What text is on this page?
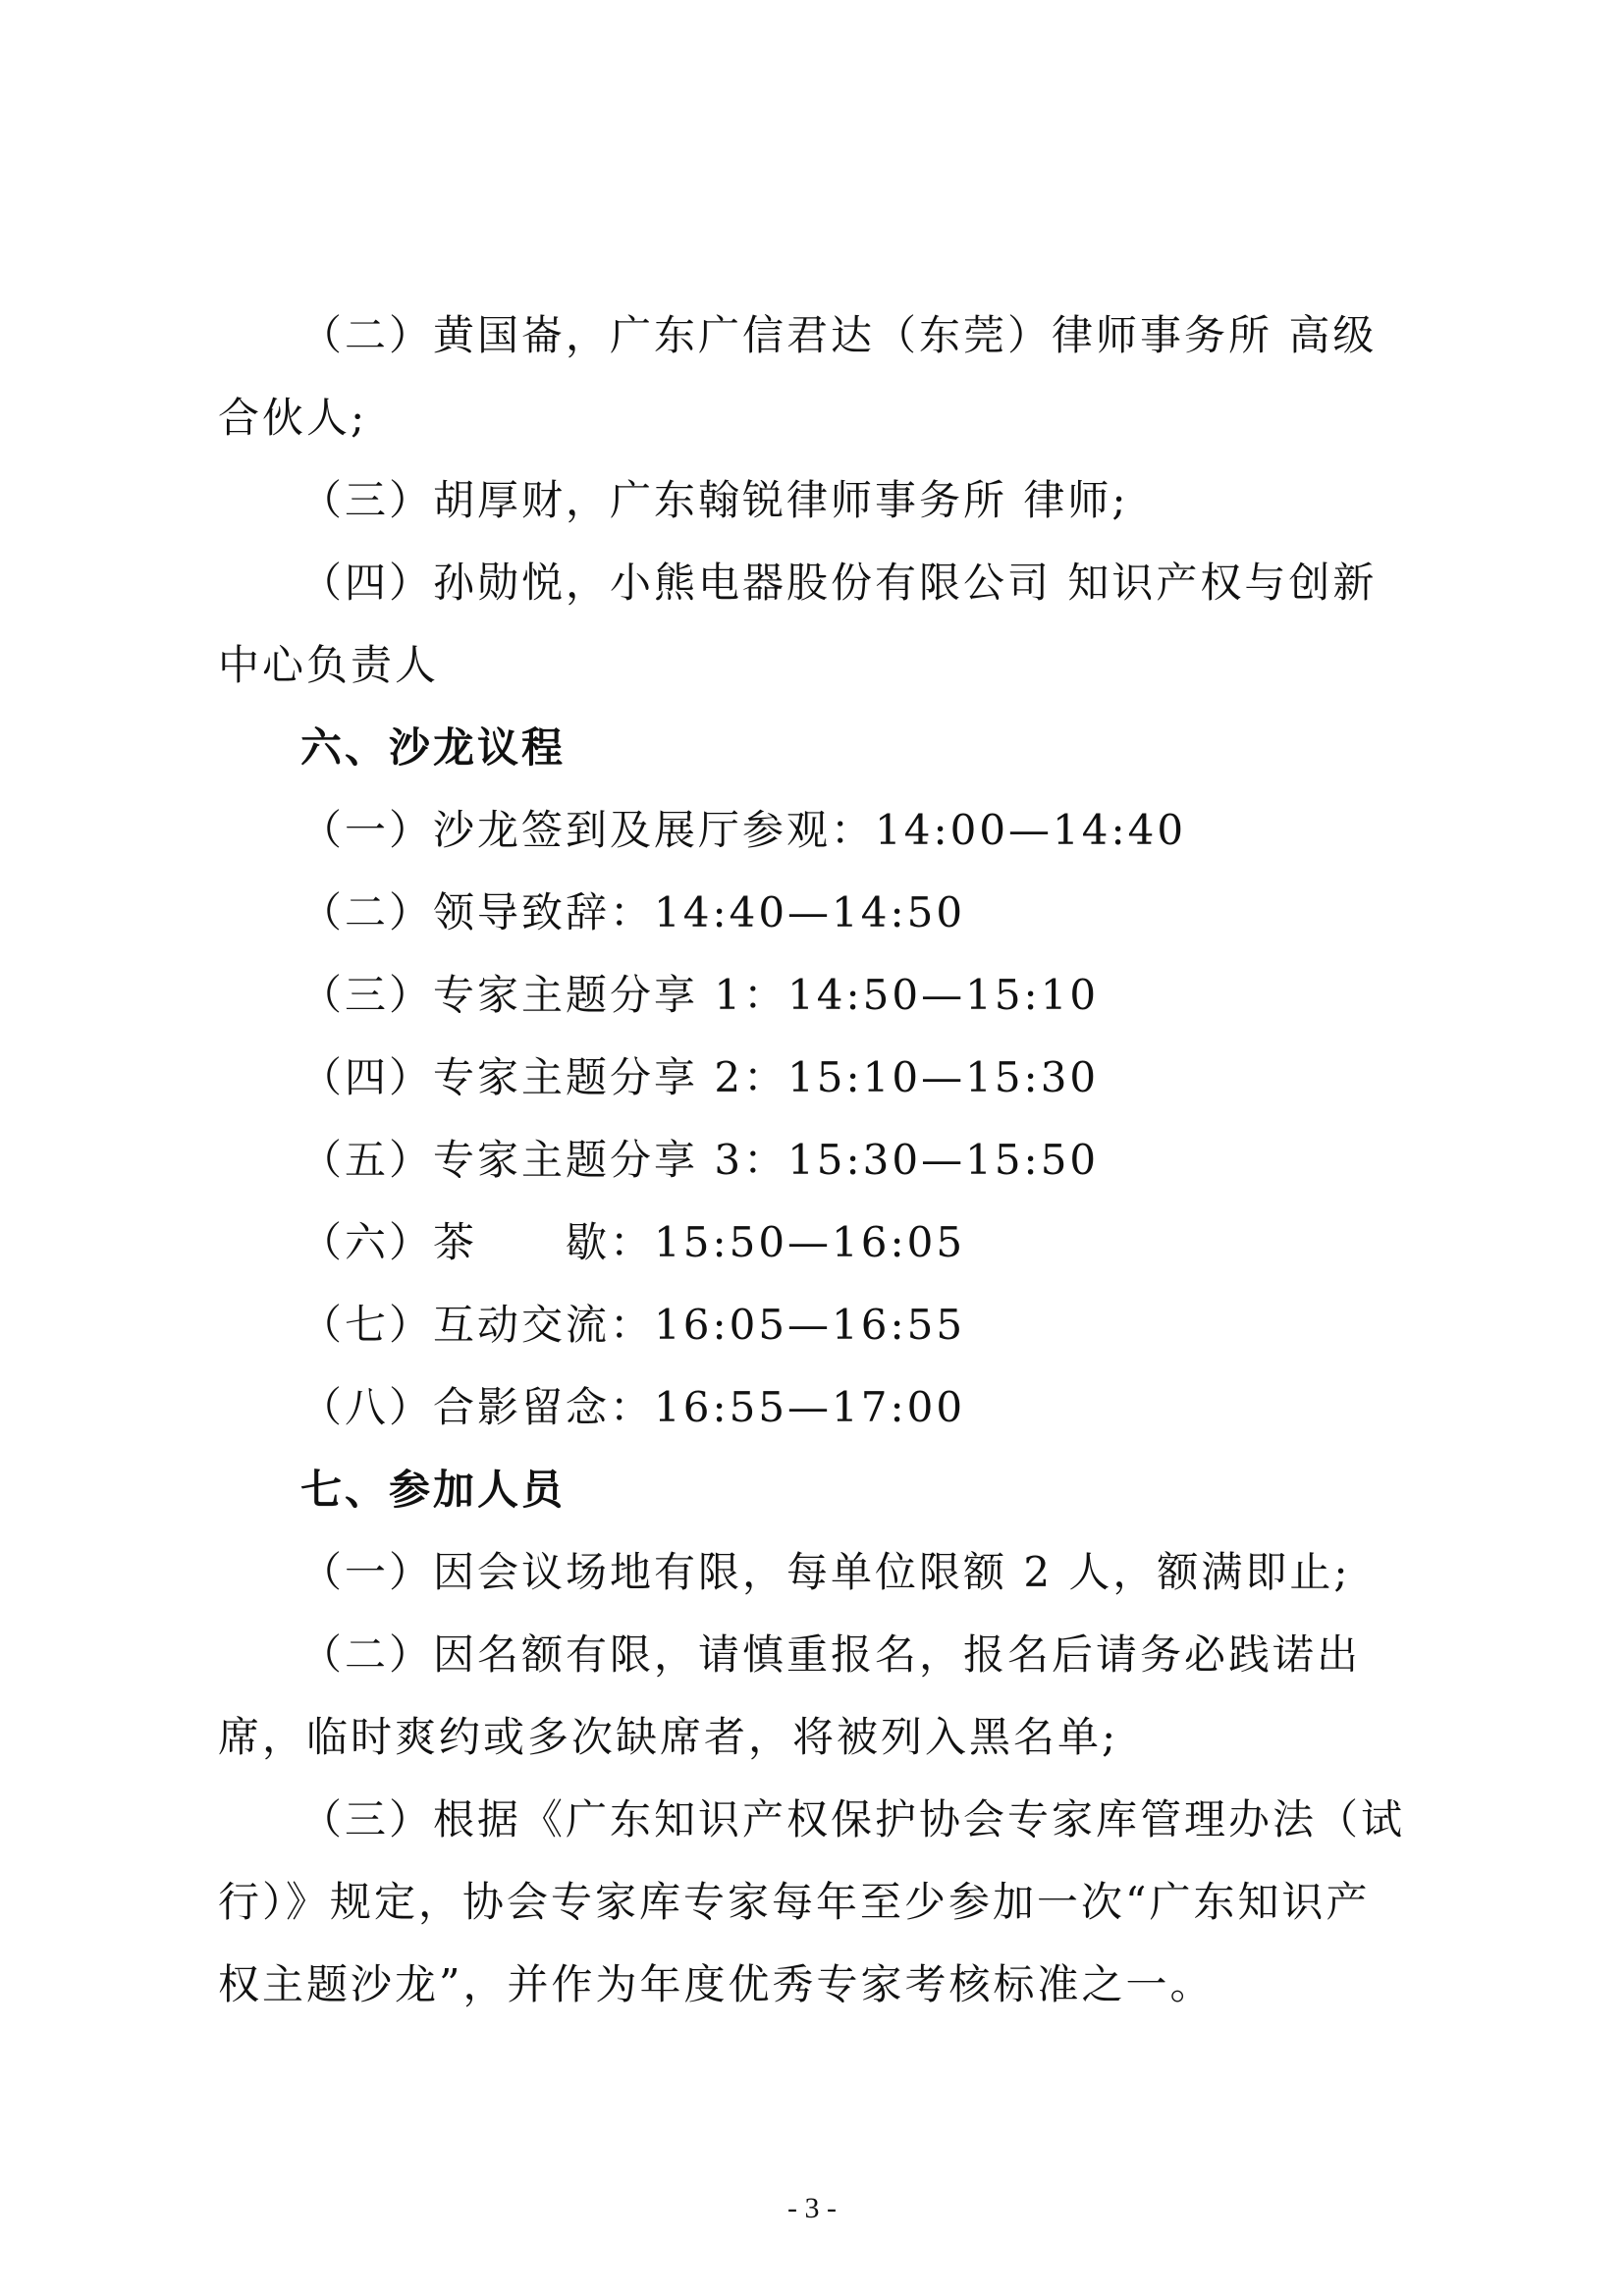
（二）黄国崙，广东广信君达（东莞）律师事务所 高级合伙人;

（三）胡厚财，广东翰锐律师事务所 律师;

（四）孙勋悦，小熊电器股份有限公司 知识产权与创新中心负责人

六、沙龙议程

（一）沙龙签到及展厅参观：14:00—14:40

（二）领导致辞：14:40—14:50

（三）专家主题分享 1：14:50—15:10

（四）专家主题分享 2：15:10—15:30

（五）专家主题分享 3：15:30—15:50

（六）茶　　歇：15:50—16:05

（七）互动交流：16:05—16:55

（八）合影留念：16:55—17:00

七、参加人员

（一）因会议场地有限，每单位限额 2 人，额满即止;

（二）因名额有限，请慎重报名，报名后请务必践诺出席，临时爽约或多次缺席者，将被列入黑名单;

（三）根据《广东知识产权保护协会专家库管理办法（试行）》规定，协会专家库专家每年至少参加一次“广东知识产权主题沙龙”，并作为年度优秀专家考核标准之一。

- 3 -
